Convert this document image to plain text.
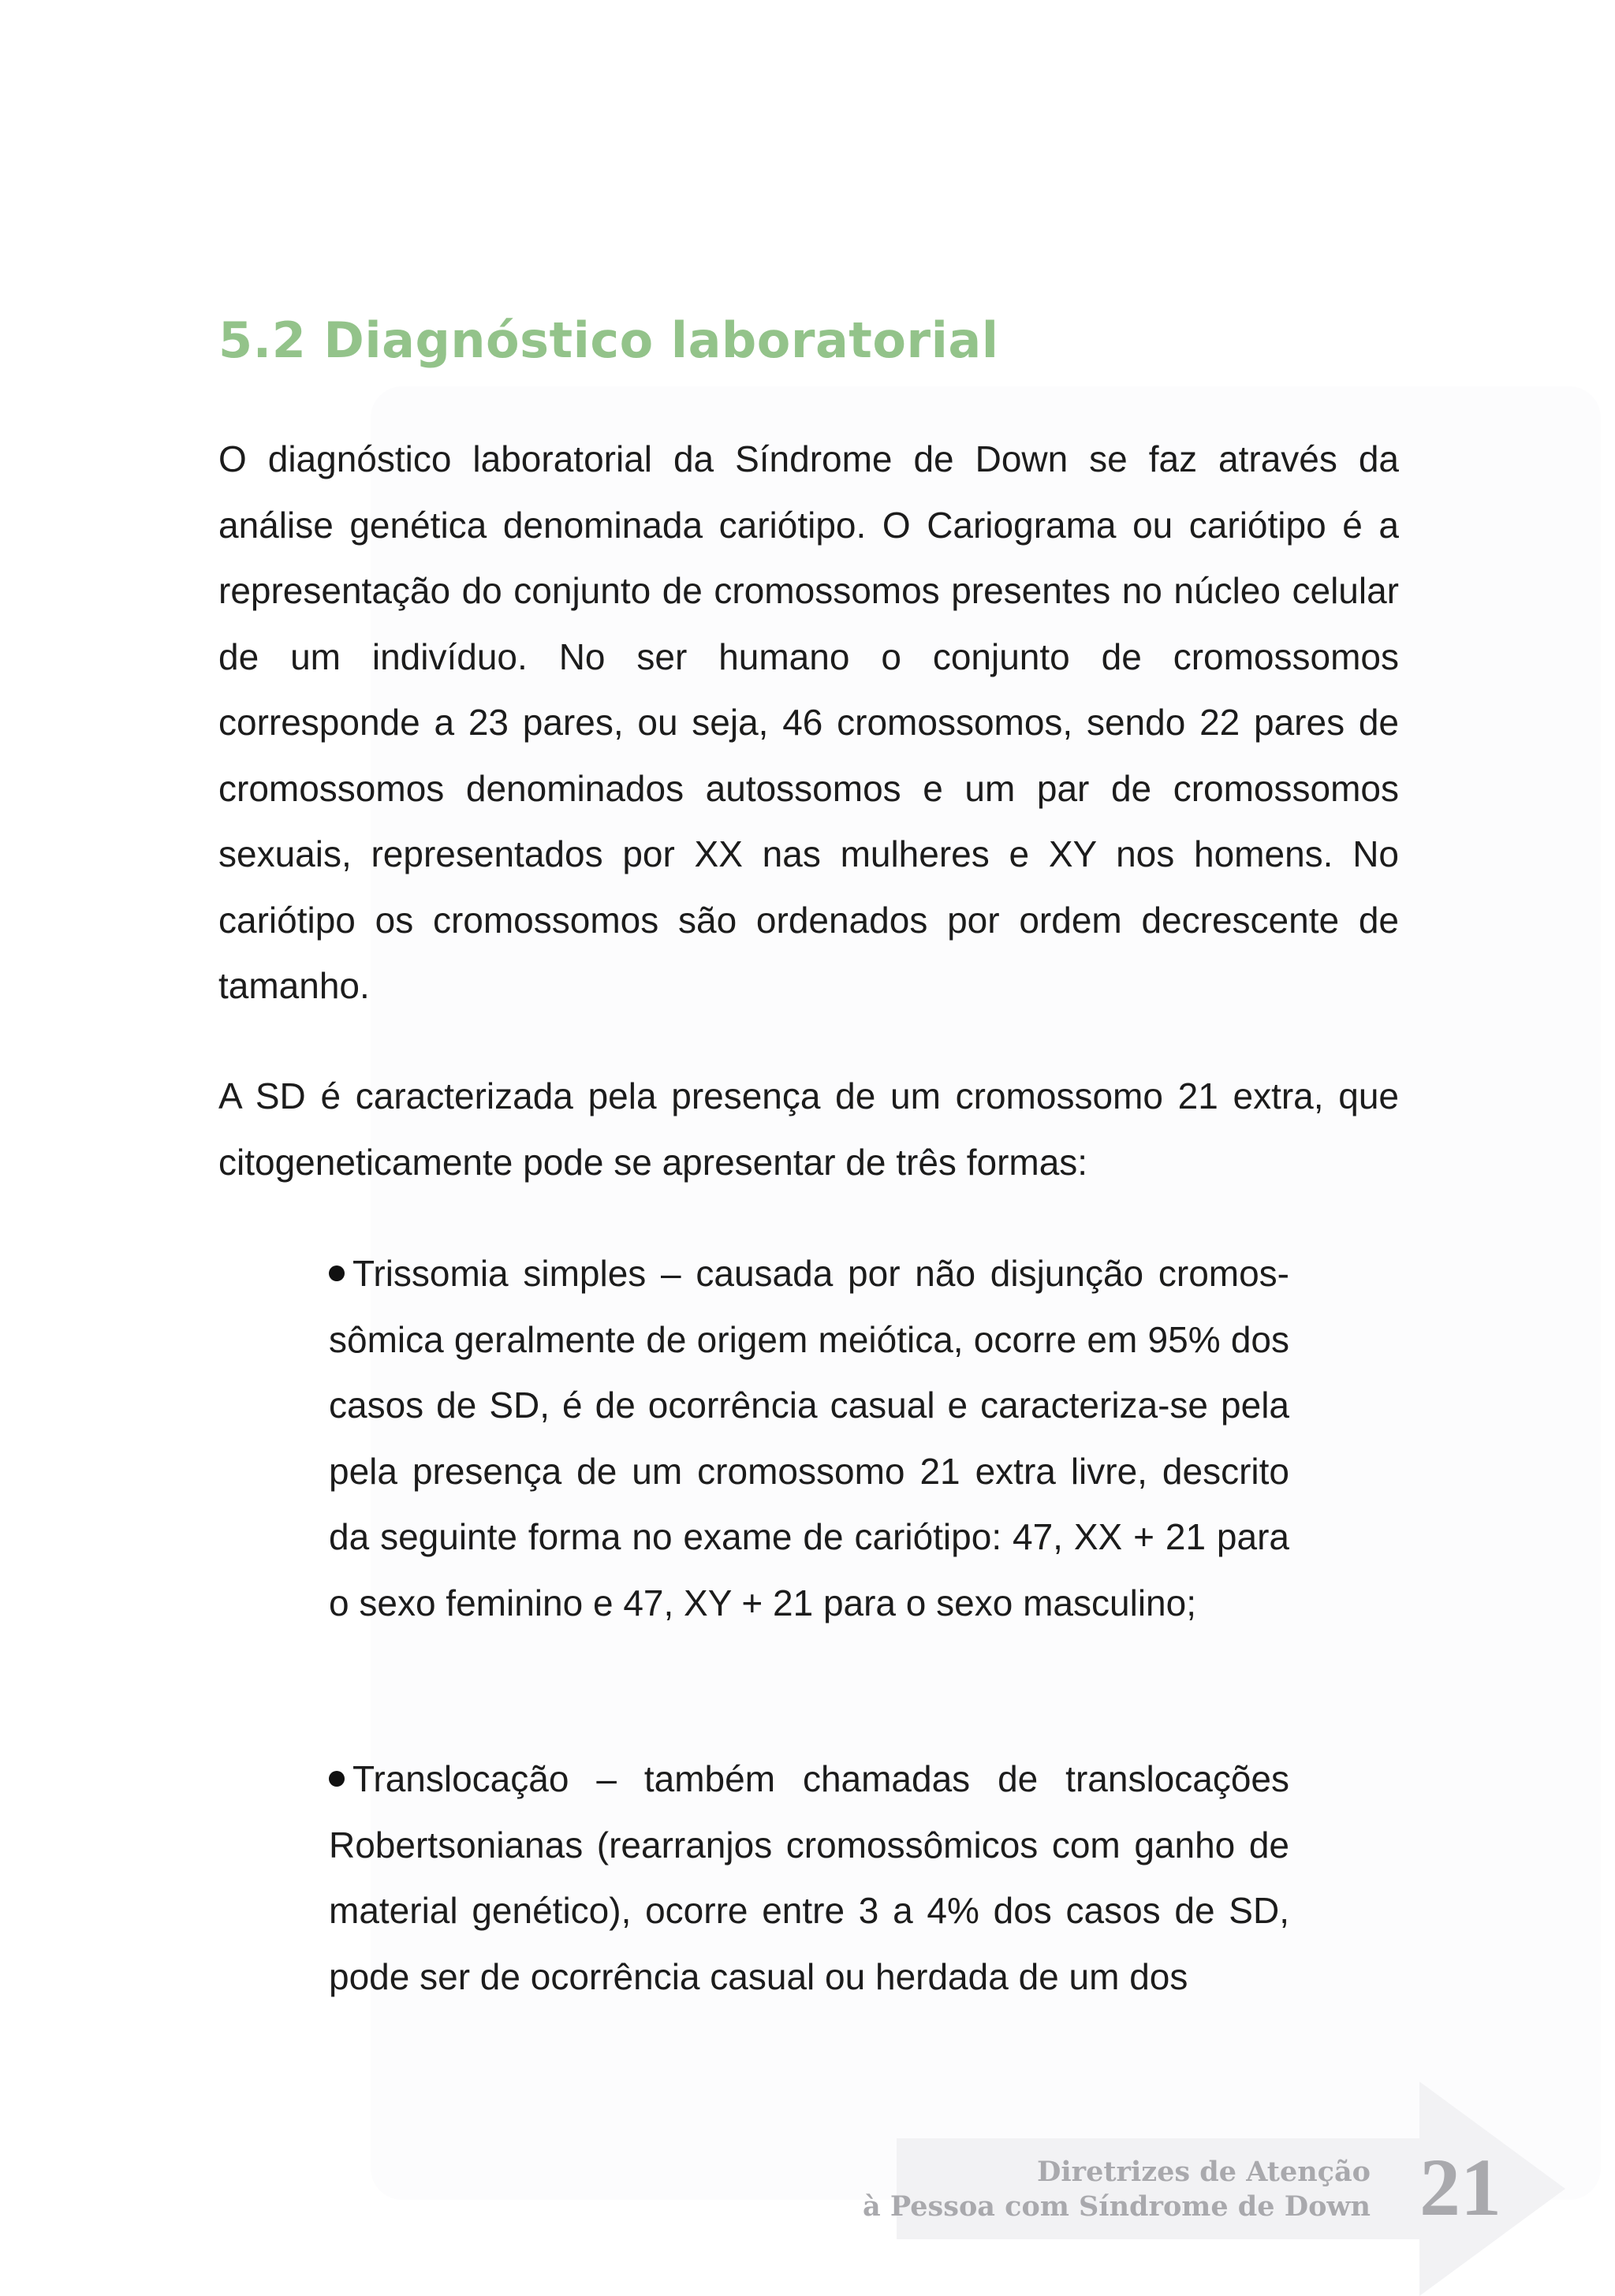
5.2 Diagnóstico laboratorial

O diagnóstico laboratorial da Síndrome de Down se faz através da análise genética denominada cariótipo. O Cariograma ou cariótipo é a representação do conjunto de cromossomos presentes no núcleo celular de um indivíduo. No ser humano o conjunto de cromossomos corresponde a 23 pares, ou seja, 46 cromossomos, sendo 22 pares de cromossomos denominados autossomos e um par de cromossomos sexuais, representados por XX nas mulheres e XY nos homens. No cariótipo os cromossomos são ordenados por ordem decrescente de tamanho.

A SD é caracterizada pela presença de um cromossomo 21 extra, que citogeneticamente pode se apresentar de três formas:

Trissomia simples – causada por não disjunção cromos-sômica geralmente de origem meiótica, ocorre em 95% dos casos de SD, é de ocorrência casual e caracteriza-se pela pela presença de um cromossomo 21 extra livre, descrito da seguinte forma no exame de cariótipo: 47, XX + 21 para o sexo feminino e 47, XY + 21 para o sexo masculino;

Translocação – também chamadas de translocações Robertsonianas (rearranjos cromossômicos com ganho de material genético), ocorre entre 3 a 4% dos casos de SD, pode ser de ocorrência casual ou herdada de um dos

Diretrizes de Atenção
à Pessoa com Síndrome de Down 21
